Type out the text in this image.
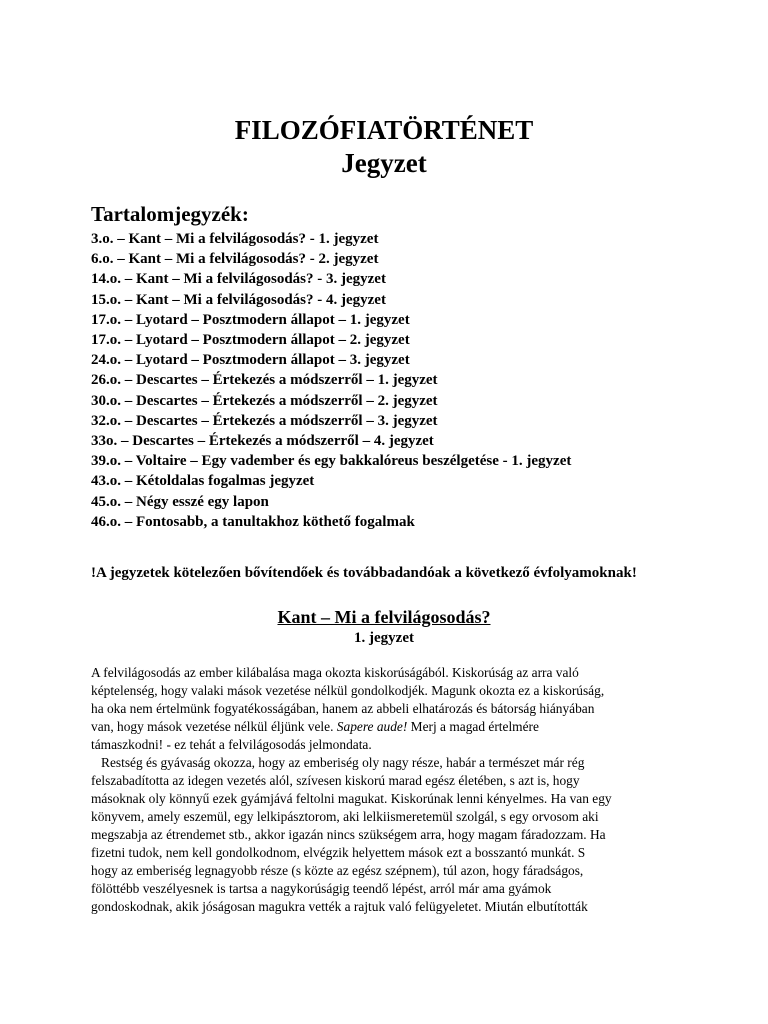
FILOZÓFIATÖRTÉNET
Jegyzet
Tartalomjegyzék:
3.o. – Kant – Mi a felvilágosodás? - 1. jegyzet
6.o. – Kant – Mi a felvilágosodás? - 2. jegyzet
14.o. – Kant – Mi a felvilágosodás? - 3. jegyzet
15.o. – Kant – Mi a felvilágosodás? - 4. jegyzet
17.o. – Lyotard – Posztmodern állapot – 1. jegyzet
17.o. – Lyotard – Posztmodern állapot – 2. jegyzet
24.o. – Lyotard – Posztmodern állapot – 3. jegyzet
26.o. – Descartes – Értekezés a módszerről – 1. jegyzet
30.o. – Descartes – Értekezés a módszerről – 2. jegyzet
32.o. – Descartes – Értekezés a módszerről – 3. jegyzet
33o. – Descartes – Értekezés a módszerről – 4. jegyzet
39.o. – Voltaire – Egy vadember és egy bakkalóreus beszélgetése - 1. jegyzet
43.o. – Kétoldalas fogalmas jegyzet
45.o. – Négy esszé egy lapon
46.o. – Fontosabb, a tanultakhoz köthető fogalmak

!A jegyzetek kötelezően bővítendőek és továbbadandóak a következő évfolyamoknak!

Kant – Mi a felvilágosodás?
1. jegyzet
A felvilágosodás az ember kilábalása maga okozta kiskorúságából. Kiskorúság az arra való
képtelenség, hogy valaki mások vezetése nélkül gondolkodjék. Magunk okozta ez a kiskorúság,
ha oka nem értelmünk fogyatékosságában, hanem az abbeli elhatározás és bátorság hiányában
van, hogy mások vezetése nélkül éljünk vele. Sapere aude! Merj a magad értelmére
támaszkodni! - ez tehát a felvilágosodás jelmondata.
Restség és gyávaság okozza, hogy az emberiség oly nagy része, habár a természet már rég
felszabadította az idegen vezetés alól, szívesen kiskorú marad egész életében, s azt is, hogy
másoknak oly könnyű ezek gyámjává feltolni magukat. Kiskorúnak lenni kényelmes. Ha van egy
könyvem, amely eszemül, egy lelkipásztorom, aki lelkiismeretemül szolgál, s egy orvosom aki
megszabja az étrendemet stb., akkor igazán nincs szükségem arra, hogy magam fáradozzam. Ha
fizetni tudok, nem kell gondolkodnom, elvégzik helyettem mások ezt a bosszantó munkát. S
hogy az emberiség legnagyobb része (s közte az egész szépnem), túl azon, hogy fáradságos,
fölöttébb veszélyesnek is tartsa a nagykorúságig teendő lépést, arról már ama gyámok
gondoskodnak, akik jóságosan magukra vették a rajtuk való felügyeletet. Miután elbutították
